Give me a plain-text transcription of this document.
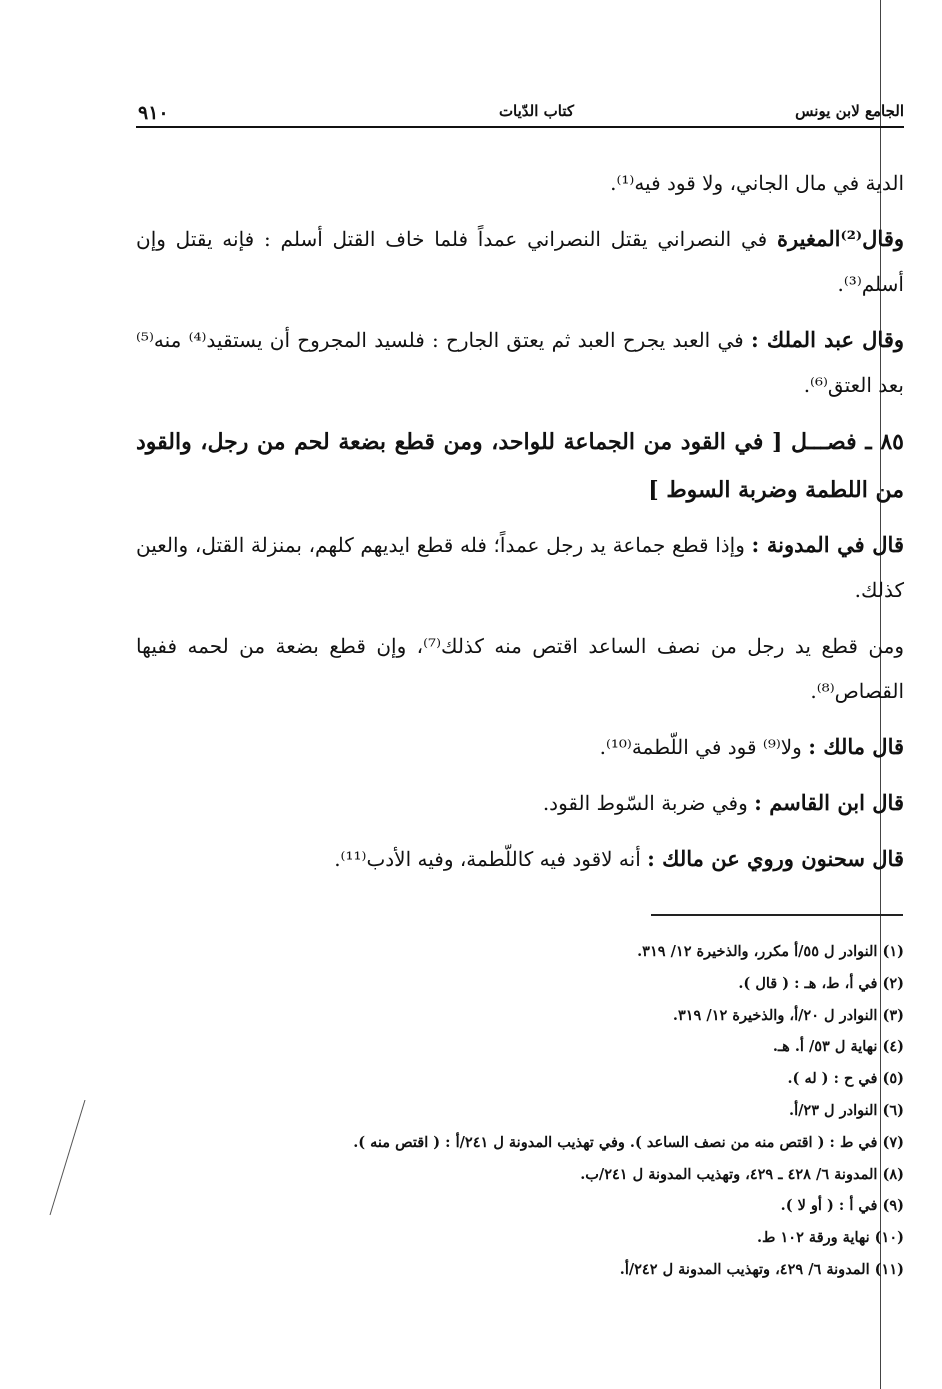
الجامع لابن يونس
كتاب الدّيات
٩١٠

الدية في مال الجاني، ولا قود فيه⁽¹⁾.

وقال⁽²⁾المغيرة في النصراني يقتل النصراني عمداً فلما خاف القتل أسلم : فإنه يقتل وإن أسلم⁽³⁾.

وقال عبد الملك : في العبد يجرح العبد ثم يعتق الجارح : فلسيد المجروح أن يستقيد⁽⁴⁾ منه⁽⁵⁾ بعد العتق⁽⁶⁾.

٨٥ ـ فصـــل [ في القود من الجماعة للواحد، ومن قطع بضعة لحم من رجل، والقود من اللطمة وضربة السوط ]

قال في المدونة : وإذا قطع جماعة يد رجل عمداً؛ فله قطع ايديهم كلهم، بمنزلة القتل، والعين كذلك.

ومن قطع يد رجل من نصف الساعد اقتص منه كذلك⁽⁷⁾، وإن قطع بضعة من لحمه ففيها القصاص⁽⁸⁾.

قال مالك : ولا⁽⁹⁾ قود في اللّطمة⁽¹⁰⁾.

قال ابن القاسم : وفي ضربة السّوط القود.

قال سحنون وروي عن مالك : أنه لاقود فيه كاللّطمة، وفيه الأدب⁽¹¹⁾.

(١) النوادر ل ٥٥/أ مكرر، والذخيرة ١٢/ ٣١٩.
(٢) في أ، ط، هـ : ( قال ).
(٣) النوادر ل ٢٠/أ، والذخيرة ١٢/ ٣١٩.
(٤) نهاية ل ٥٣/ أ. هـ.
(٥) في ح : ( له ).
(٦) النوادر ل ٢٣/أ.
(٧) في ط : ( اقتص منه من نصف الساعد ). وفي تهذيب المدونة ل ٢٤١/أ : ( اقتص منه ).
(٨) المدونة ٦/ ٤٢٨ ـ ٤٢٩، وتهذيب المدونة ل ٢٤١/ب.
(٩) في أ : ( أو لا ).
(١٠) نهاية ورقة ١٠٢ ط.
(١١) المدونة ٦/ ٤٢٩، وتهذيب المدونة ل ٢٤٢/أ.
